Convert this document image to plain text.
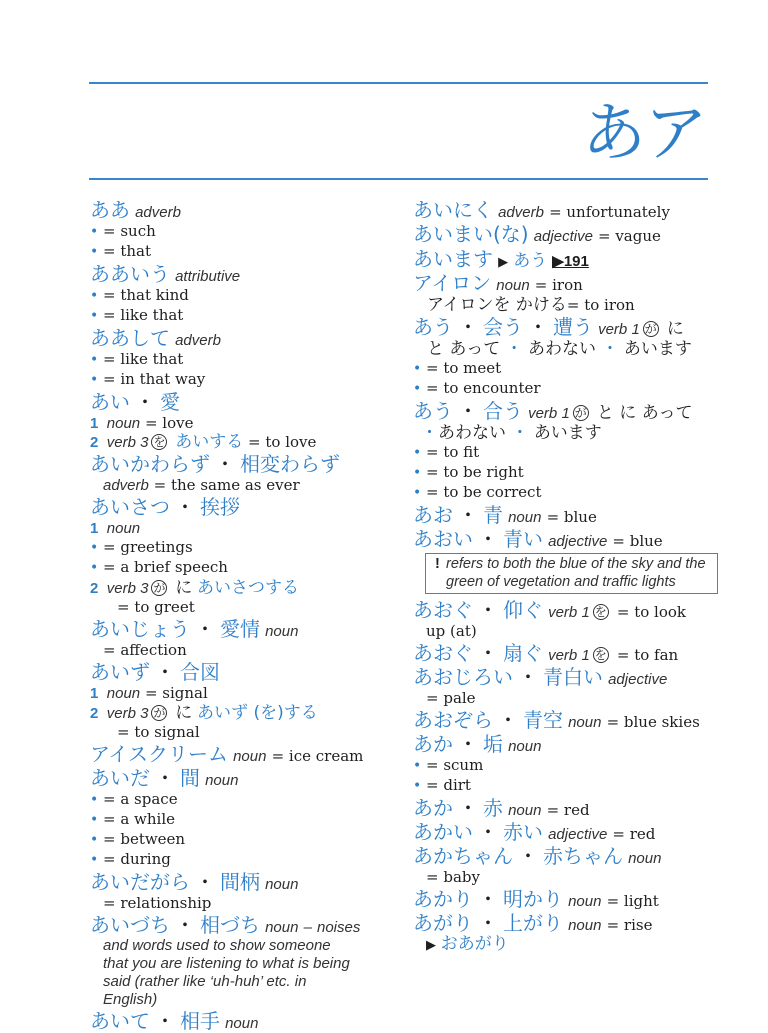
あア
ああ adverb
• = such
• = that
ああいう attributive
• = that kind
• = like that
ああして adverb
• = like that
• = in that way
あい ・ 愛
1 noun = love
2 verb 3 を あいする = to love
あいかわらず ・ 相変わらず
adverb = the same as ever
あいさつ ・ 挨拶
1 noun
• = greetings
• = a brief speech
2 verb 3 が に あいさつする
= to greet
あいじょう ・ 愛情 noun
= affection
あいず ・ 合図
1 noun = signal
2 verb 3 が に あいず (を)する
= to signal
アイスクリーム noun = ice cream
あいだ ・ 間 noun
• = a space
• = a while
• = between
• = during
あいだがら ・ 間柄 noun
= relationship
あいづち ・ 相づち noun – noises
and words used to show someone
that you are listening to what is being
said (rather like ‘uh-huh’ etc. in
English)
あいて ・ 相手 noun
あいにく adverb = unfortunately
あいまい(な) adjective = vague
あいます ▶ あう ▶191
アイロン noun = iron
アイロンを かける= to iron
あう ・ 会う ・ 遭う verb 1 が に
と あって ・ あわない ・ あいます
• = to meet
• = to encounter
あう ・ 合う verb 1 が と に あって
・あわない ・ あいます
• = to fit
• = to be right
• = to be correct
あお ・ 青 noun = blue
あおい ・ 青い adjective = blue
! refers to both the blue of the sky and the green of vegetation and traffic lights
あおぐ ・ 仰ぐ verb 1 を = to look
up (at)
あおぐ ・ 扇ぐ verb 1 を = to fan
あおじろい ・ 青白い adjective
= pale
あおぞら ・ 青空 noun = blue skies
あか ・ 垢 noun
• = scum
• = dirt
あか ・ 赤 noun = red
あかい ・ 赤い adjective = red
あかちゃん ・ 赤ちゃん noun
= baby
あかり ・ 明かり noun = light
あがり ・ 上がり noun = rise
▶ おあがり
